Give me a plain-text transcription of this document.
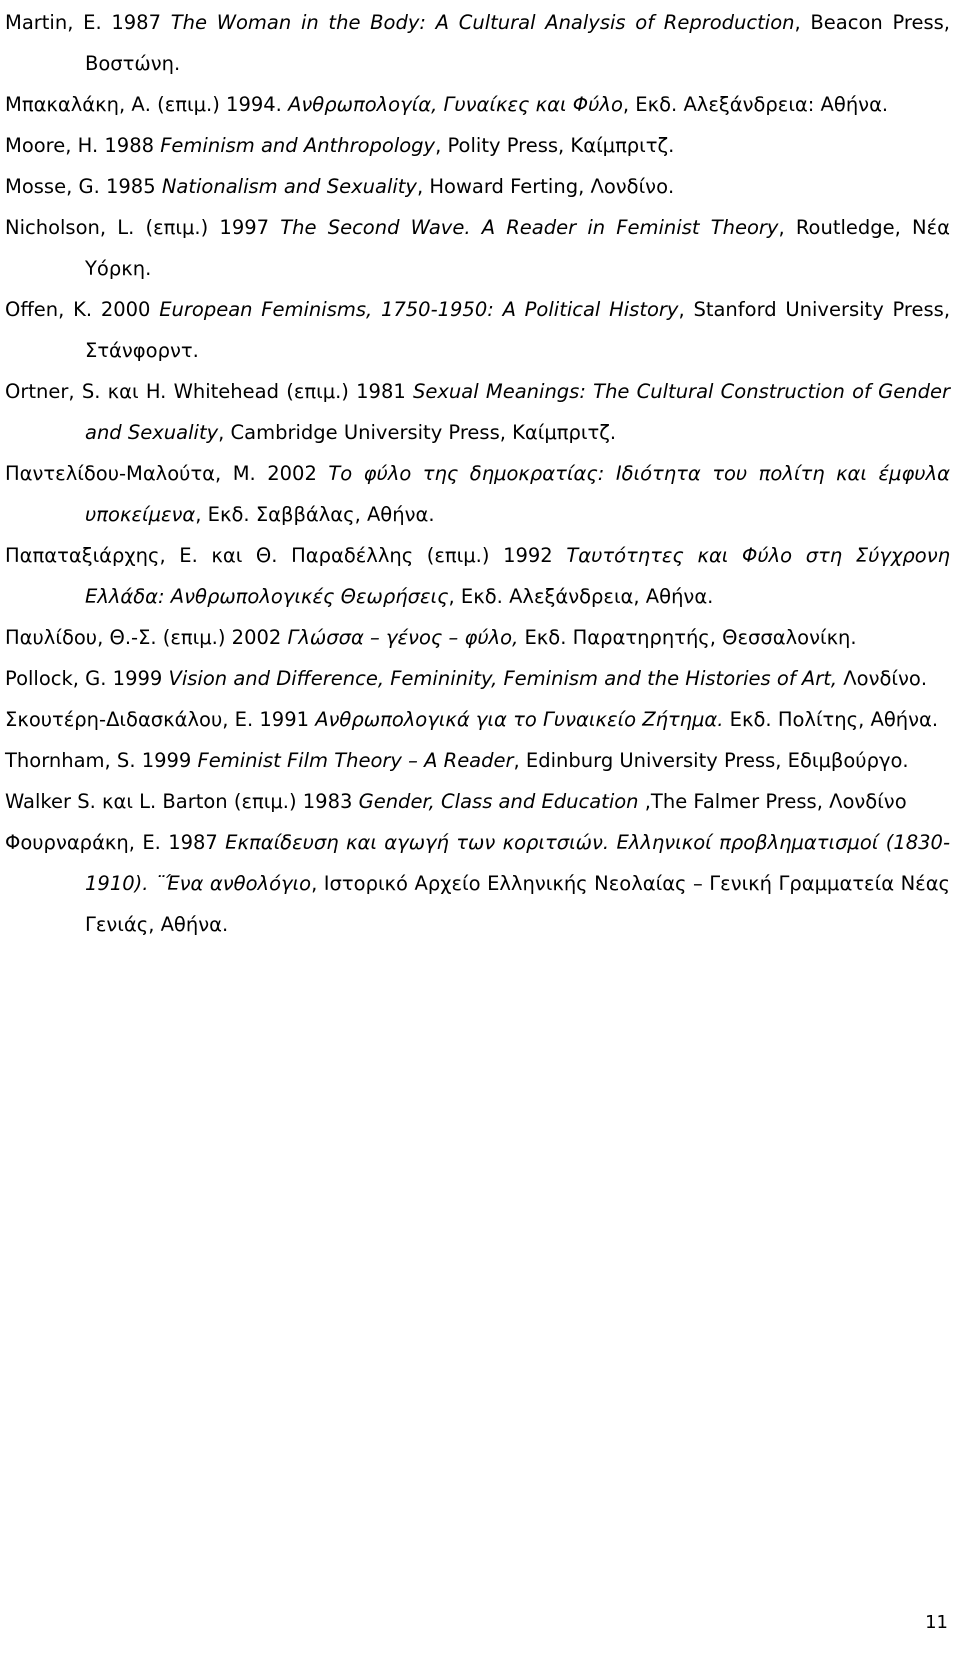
Martin, E. 1987 The Woman in the Body: A Cultural Analysis of Reproduction, Beacon Press, Βοστώνη.

Μπακαλάκη, Α. (επιμ.) 1994. Ανθρωπολογία, Γυναίκες και Φύλο, Εκδ. Αλεξάνδρεια: Αθήνα.

Moore, H. 1988 Feminism and Anthropology, Polity Press, Καίμπριτζ.

Mosse, G. 1985 Nationalism and Sexuality, Howard Ferting, Λονδίνο.

Nicholson, L. (επιμ.) 1997 The Second Wave. A Reader in Feminist Theory, Routledge, Νέα Υόρκη.

Offen, K. 2000 European Feminisms, 1750-1950: A Political History, Stanford University Press, Στάνφορντ.

Ortner, S. και H. Whitehead (επιμ.) 1981 Sexual Meanings: The Cultural Construction of Gender and Sexuality, Cambridge University Press, Καίμπριτζ.

Παντελίδου-Μαλούτα, Μ. 2002 Το φύλο της δημοκρατίας: Ιδιότητα του πολίτη και έμφυλα υποκείμενα, Εκδ. Σαββάλας, Αθήνα.

Παπαταξιάρχης, Ε. και Θ. Παραδέλλης (επιμ.) 1992 Ταυτότητες και Φύλο στη Σύγχρονη Ελλάδα: Ανθρωπολογικές Θεωρήσεις, Εκδ. Αλεξάνδρεια, Αθήνα.

Παυλίδου, Θ.-Σ. (επιμ.) 2002 Γλώσσα – γένος – φύλο, Εκδ. Παρατηρητής, Θεσσαλονίκη.

Pollock, G. 1999 Vision and Difference, Femininity, Feminism and the Histories of Art, Λονδίνο.

Σκουτέρη-Διδασκάλου, Ε. 1991 Ανθρωπολογικά για το Γυναικείο Ζήτημα. Εκδ. Πολίτης, Αθήνα.

Thornham, S. 1999 Feminist Film Theory – A Reader, Edinburg University Press, Εδιμβούργο.

Walker S. και L. Barton (επιμ.) 1983 Gender, Class and Education ,The Falmer Press, Λονδίνο

Φουρναράκη, Ε. 1987 Εκπαίδευση και αγωγή των κοριτσιών. Ελληνικοί προβληματισμοί (1830-1910). ¨Ένα ανθολόγιο, Ιστορικό Αρχείο Ελληνικής Νεολαίας – Γενική Γραμματεία Νέας Γενιάς, Αθήνα.

11
